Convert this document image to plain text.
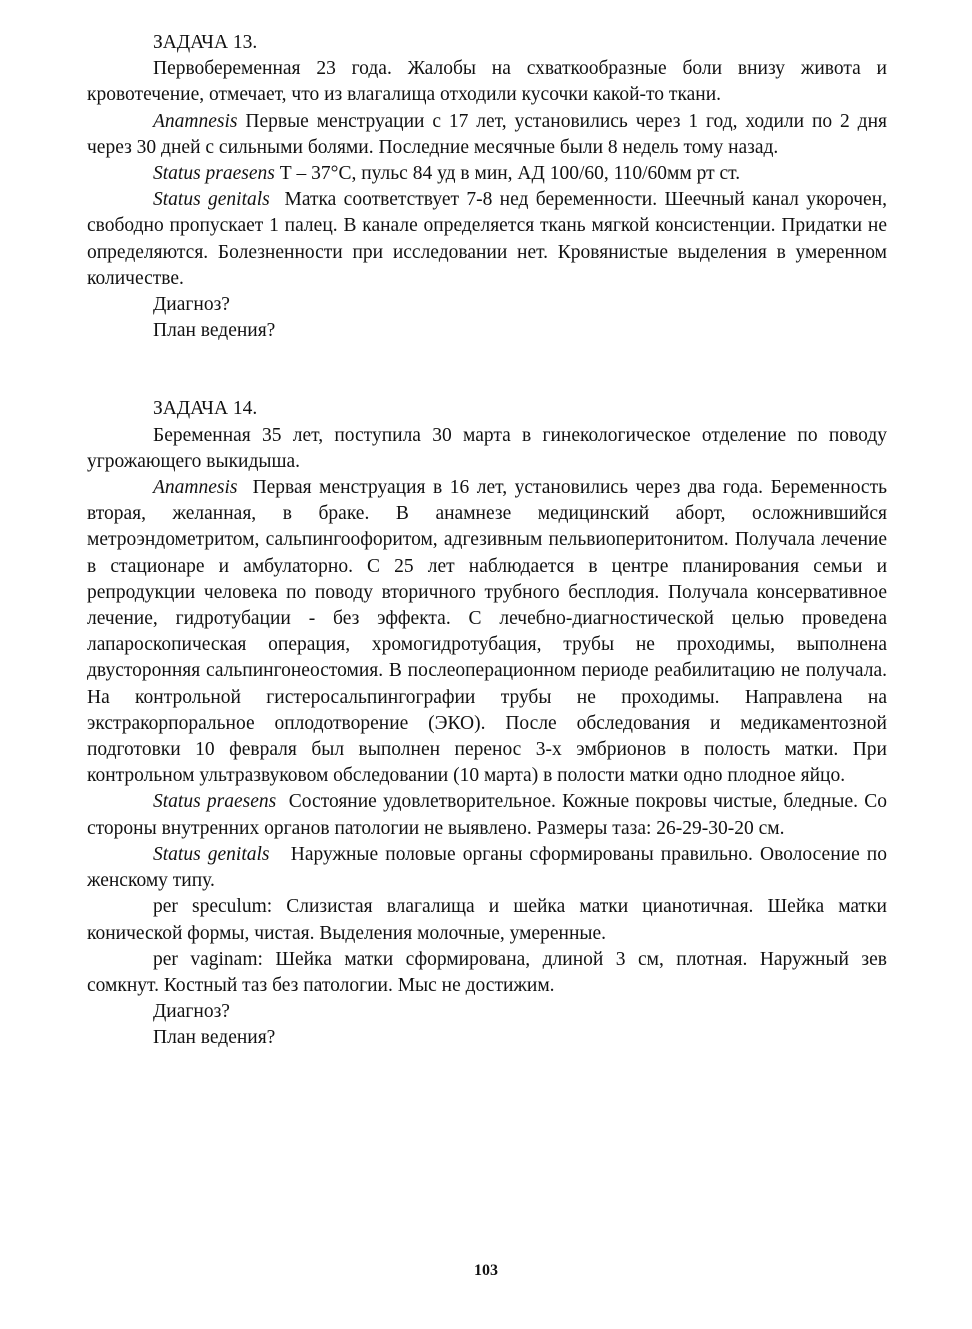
ЗАДАЧА 13.

Первобеременная 23 года. Жалобы на схваткообразные боли внизу живота и кровотечение, отмечает, что из влагалища отходили кусочки какой-то ткани.

Anamnesis Первые менструации с 17 лет, установились через 1 год, ходили по 2 дня через 30 дней с сильными болями. Последние месячные были 8 недель тому назад.

Status praesens Т – 37°С, пульс 84 уд в мин, АД 100/60, 110/60мм рт ст.

Status genitals Матка соответствует 7-8 нед беременности. Шеечный канал укорочен, свободно пропускает 1 палец. В канале определяется ткань мягкой консистенции. Придатки не определяются. Болезненности при исследовании нет. Кровянистые выделения в умеренном количестве.

Диагноз?

План ведения?

ЗАДАЧА 14.

Беременная 35 лет, поступила 30 марта в гинекологическое отделение по поводу угрожающего выкидыша.

Anamnesis Первая менструация в 16 лет, установились через два года. Беременность вторая, желанная, в браке. В анамнезе медицинский аборт, осложнившийся метроэндометритом, сальпингоофоритом, адгезивным пельвиоперитонитом. Получала лечение в стационаре и амбулаторно. С 25 лет наблюдается в центре планирования семьи и репродукции человека по поводу вторичного трубного бесплодия. Получала консервативное лечение, гидротубации - без эффекта. С лечебно-диагностической целью проведена лапароскопическая операция, хромогидротубация, трубы не проходимы, выполнена двусторонняя сальпингонеостомия. В послеоперационном периоде реабилитацию не получала. На контрольной гистеросальпингографии трубы не проходимы. Направлена на экстракорпоральное оплодотворение (ЭКО). После обследования и медикаментозной подготовки 10 февраля был выполнен перенос 3-х эмбрионов в полость матки. При контрольном ультразвуковом обследовании (10 марта) в полости матки одно плодное яйцо.

Status praesens Состояние удовлетворительное. Кожные покровы чистые, бледные. Со стороны внутренних органов патологии не выявлено. Размеры таза: 26-29-30-20 см.

Status genitals Наружные половые органы сформированы правильно. Оволосение по женскому типу.

per speculum: Слизистая влагалища и шейка матки цианотичная. Шейка матки конической формы, чистая. Выделения молочные, умеренные.

per vaginam: Шейка матки сформирована, длиной 3 см, плотная. Наружный зев сомкнут. Костный таз без патологии. Мыс не достижим.

Диагноз?

План ведения?

103
